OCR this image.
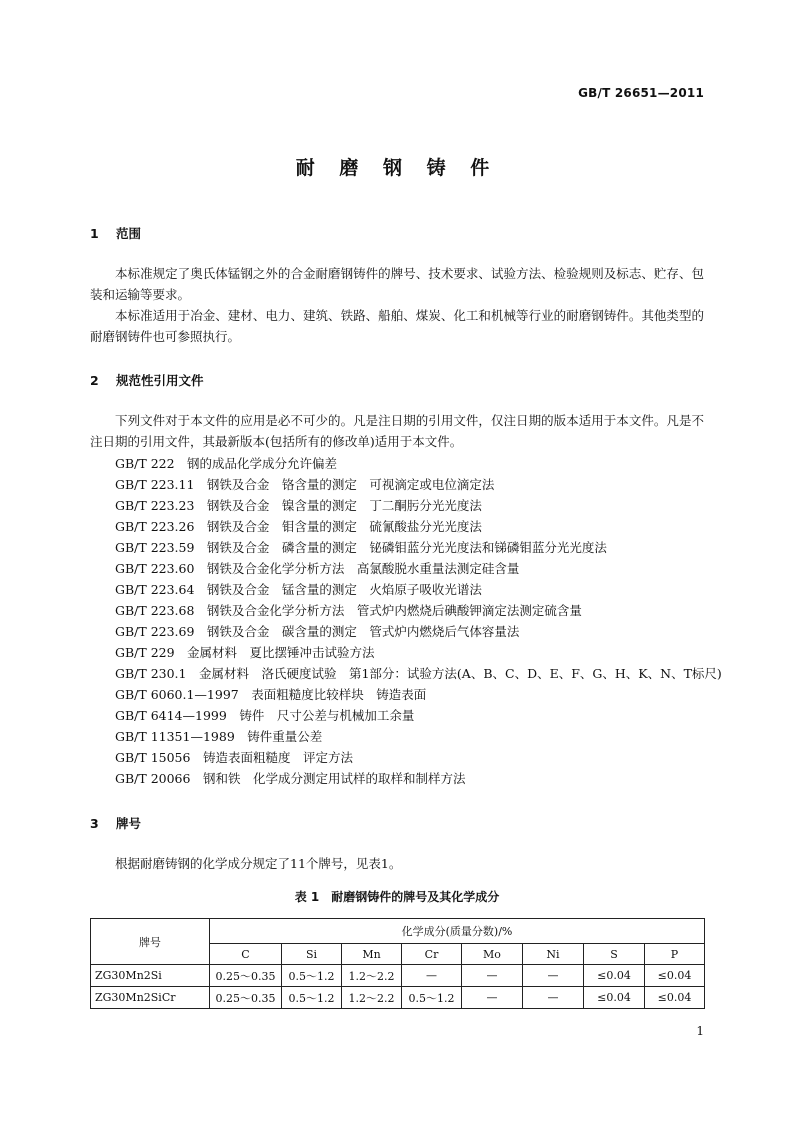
GB/T 26651—2011
耐 磨 钢 铸 件
1 范围

本标准规定了奥氏体锰钢之外的合金耐磨钢铸件的牌号、技术要求、试验方法、检验规则及标志、贮存、包装和运输等要求。

本标准适用于冶金、建材、电力、建筑、铁路、船舶、煤炭、化工和机械等行业的耐磨钢铸件。其他类型的耐磨钢铸件也可参照执行。

2 规范性引用文件

下列文件对于本文件的应用是必不可少的。凡是注日期的引用文件，仅注日期的版本适用于本文件。凡是不注日期的引用文件，其最新版本(包括所有的修改单)适用于本文件。

GB/T 222　钢的成品化学成分允许偏差
GB/T 223.11　钢铁及合金　铬含量的测定　可视滴定或电位滴定法
GB/T 223.23　钢铁及合金　镍含量的测定　丁二酮肟分光光度法
GB/T 223.26　钢铁及合金　钼含量的测定　硫氰酸盐分光光度法
GB/T 223.59　钢铁及合金　磷含量的测定　铋磷钼蓝分光光度法和锑磷钼蓝分光光度法
GB/T 223.60　钢铁及合金化学分析方法　高氯酸脱水重量法测定硅含量
GB/T 223.64　钢铁及合金　锰含量的测定　火焰原子吸收光谱法
GB/T 223.68　钢铁及合金化学分析方法　管式炉内燃烧后碘酸钾滴定法测定硫含量
GB/T 223.69　钢铁及合金　碳含量的测定　管式炉内燃烧后气体容量法
GB/T 229　金属材料　夏比摆锤冲击试验方法
GB/T 230.1　金属材料　洛氏硬度试验　第1部分：试验方法(A、B、C、D、E、F、G、H、K、N、T标尺)
GB/T 6060.1—1997　表面粗糙度比较样块　铸造表面
GB/T 6414—1999　铸件　尺寸公差与机械加工余量
GB/T 11351—1989　铸件重量公差
GB/T 15056　铸造表面粗糙度　评定方法
GB/T 20066　钢和铁　化学成分测定用试样的取样和制样方法
3 牌号

根据耐磨铸钢的化学成分规定了11个牌号，见表1。

表 1　耐磨钢铸件的牌号及其化学成分
牌号	化学成分(质量分数)/%							
	C	Si	Mn	Cr	Mo	Ni	S	P
ZG30Mn2Si	0.25～0.35	0.5～1.2	1.2～2.2	—	—	—	≤0.04	≤0.04
ZG30Mn2SiCr	0.25～0.35	0.5～1.2	1.2～2.2	0.5～1.2	—	—	≤0.04	≤0.04
1
